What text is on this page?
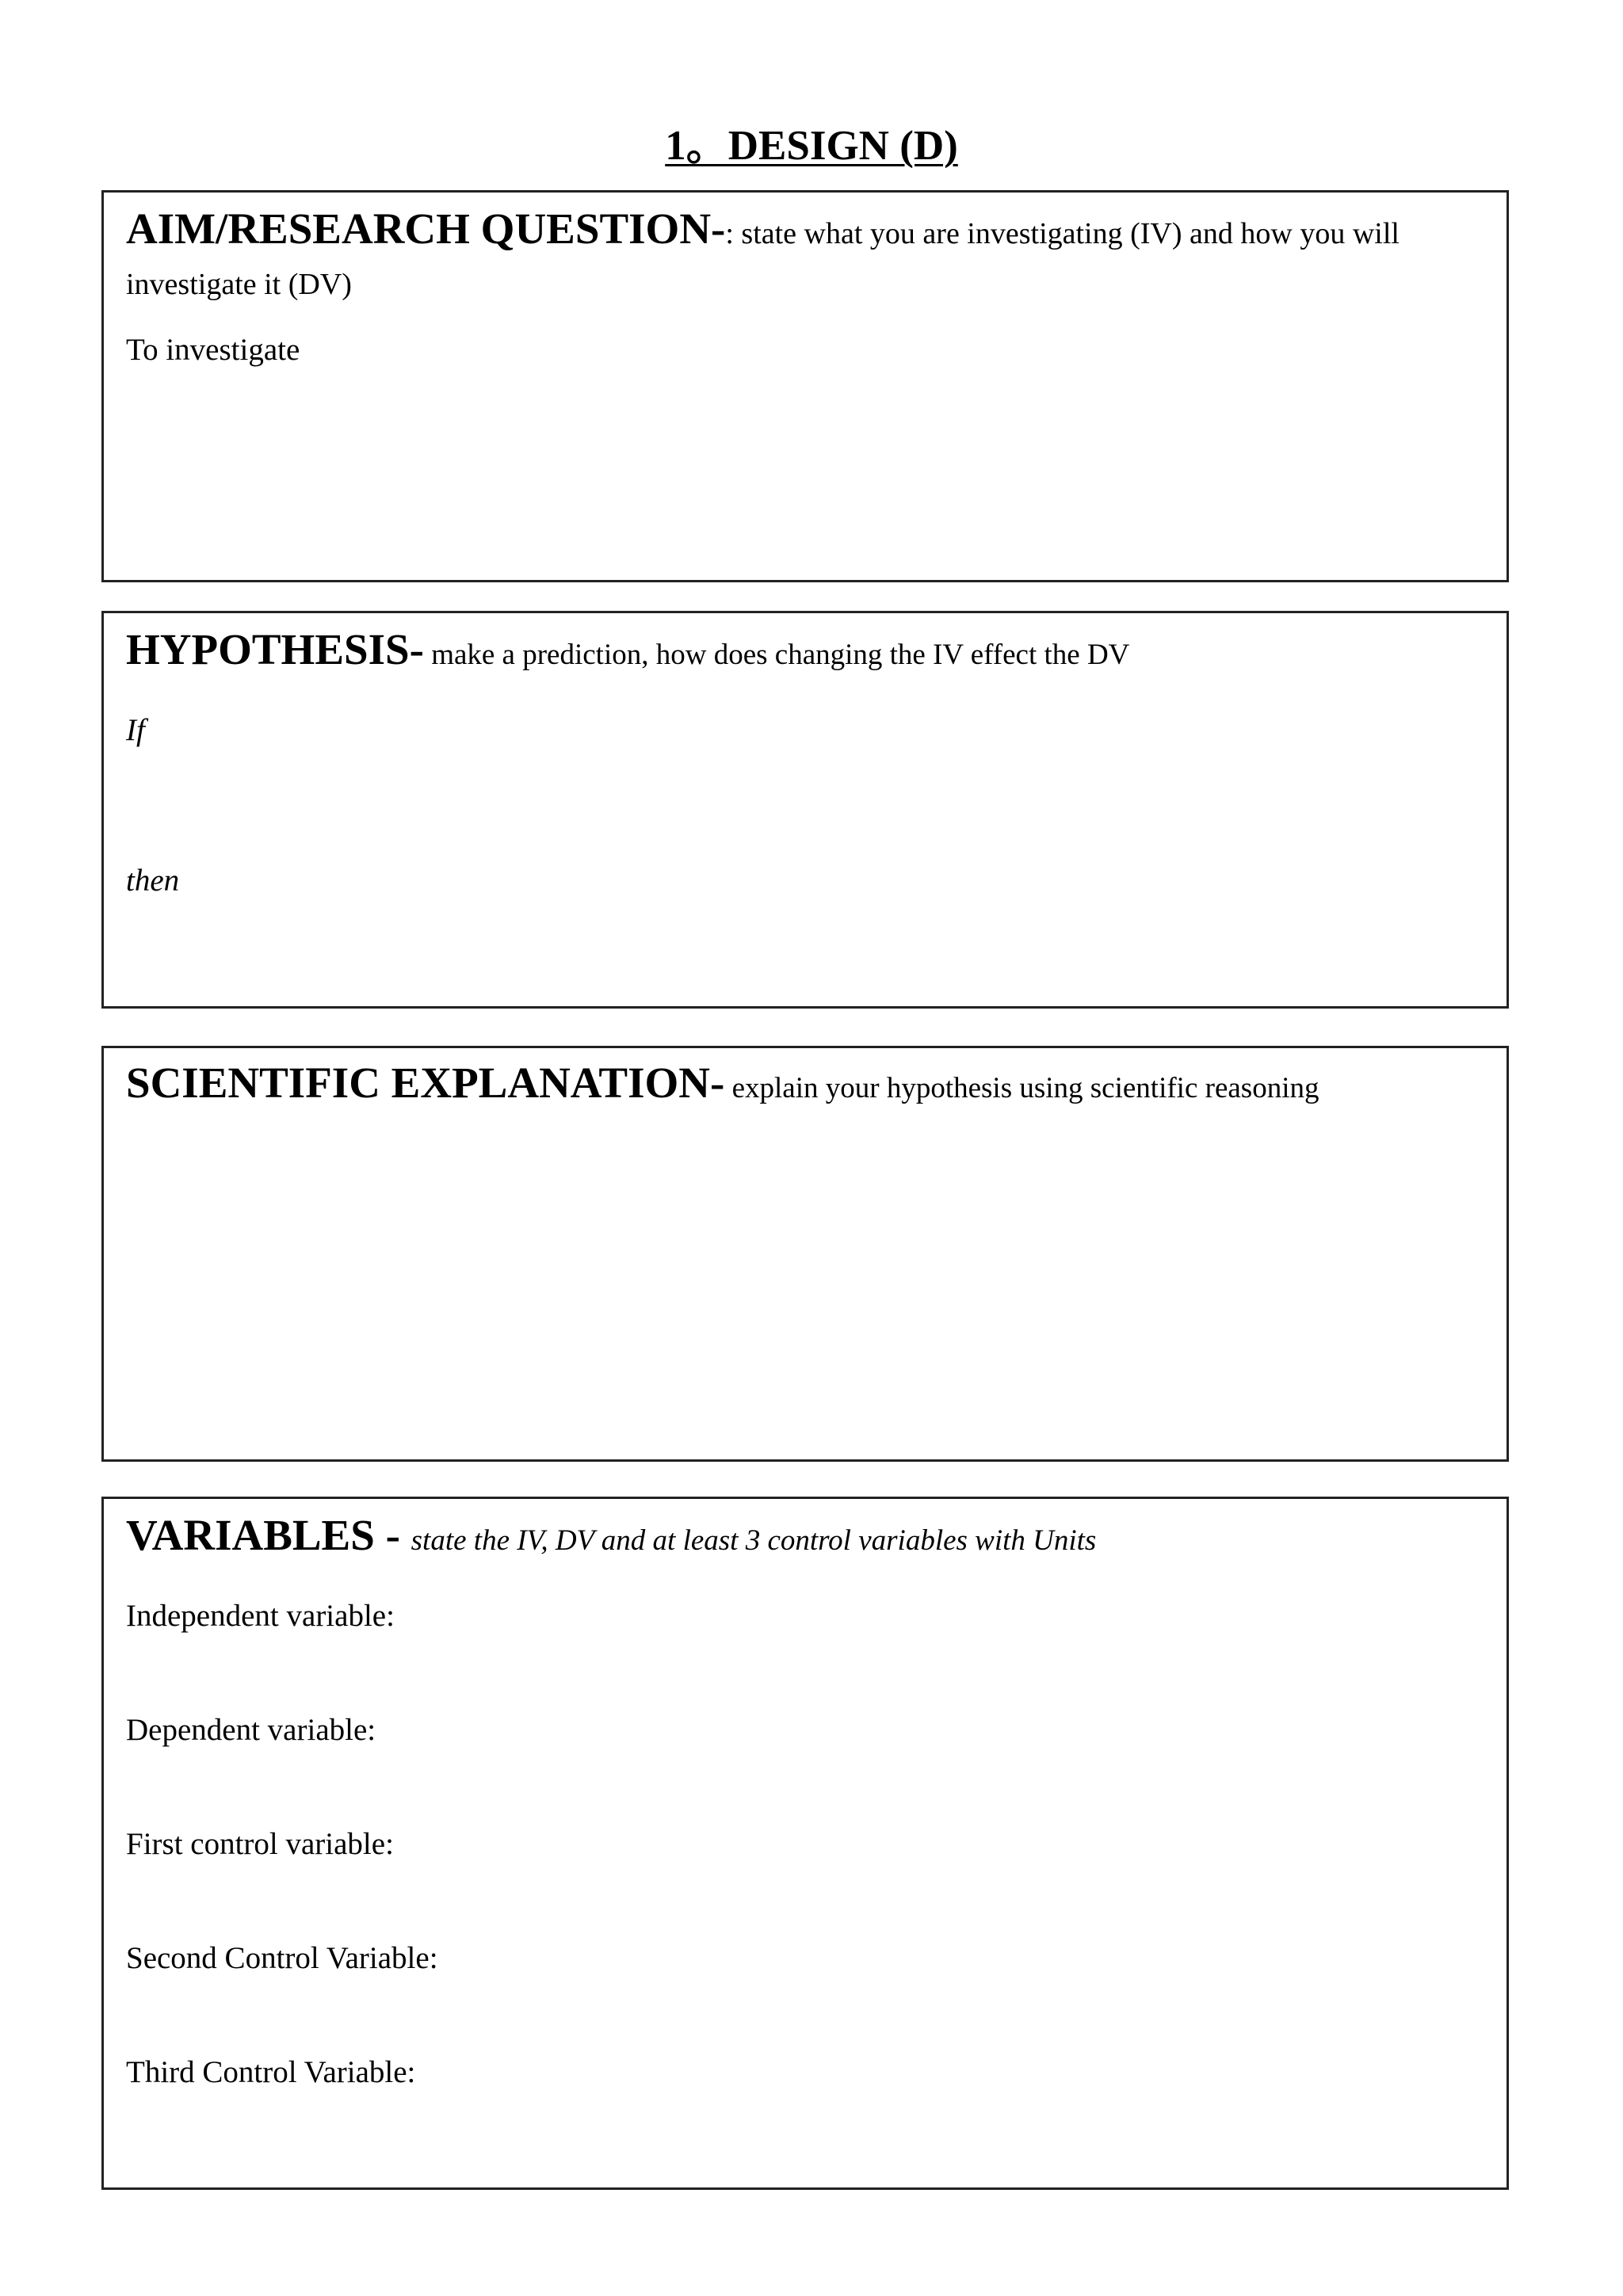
1。DESIGN (D)

AIM/RESEARCH QUESTION-: state what you are investigating (IV) and how you will investigate it (DV)

To investigate

HYPOTHESIS- make a prediction, how does changing the IV effect the DV

If

then

SCIENTIFIC EXPLANATION- explain your hypothesis using scientific reasoning

VARIABLES - state the IV, DV and at least 3 control variables with Units

Independent variable:

Dependent variable:

First control variable:

Second Control Variable:

Third Control Variable:
